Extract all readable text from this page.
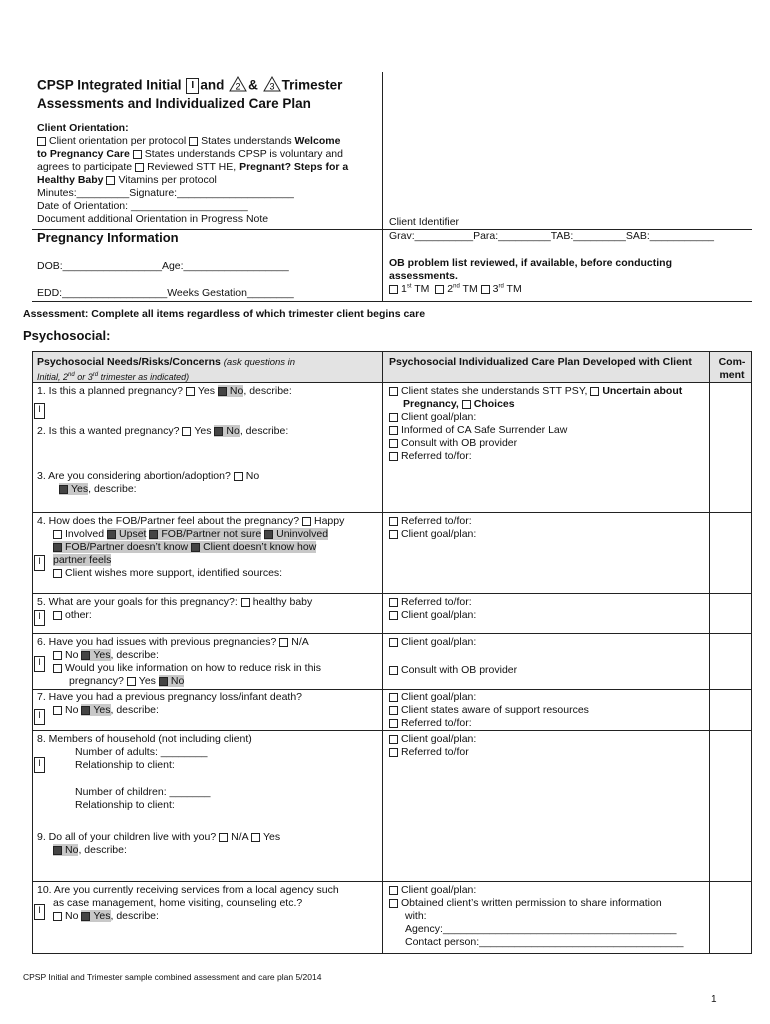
CPSP Integrated Initial I and 2 & 3 Trimester
Assessments and Individualized Care Plan
Client Orientation:
Client orientation per protocol States understands Welcome
to Pregnancy Care States understands CPSP is voluntary and
agrees to participate Reviewed STT HE, Pregnant? Steps for a
Healthy Baby Vitamins per protocol
Minutes:_________Signature:____________________
Date of Orientation: ____________________
Document additional Orientation in Progress Note	Client Identifier
Grav:__________Para:_________TAB:_________SAB:___________
Pregnancy Information
DOB:_________________Age:__________________
EDD:__________________Weeks Gestation________
OB problem list reviewed, if available, before conducting
assessments.
1st TM 2nd TM 3rd TM
Assessment: Complete all items regardless of which trimester client begins care
Psychosocial:
Psychosocial Needs/Risks/Concerns (ask questions in
Initial, 2nd or 3rd trimester as indicated)
Psychosocial Individualized Care Plan Developed with Client	Com-ment
1. Is this a planned pregnancy? Yes No, describe:
I
2. Is this a wanted pregnancy? Yes No, describe:
3. Are you considering abortion/adoption? No
Yes, describe:
Client states she understands STT PSY, Uncertain about
Pregnancy, Choices
Client goal/plan:
Informed of CA Safe Surrender Law
Consult with OB provider
Referred to/for:
4. How does the FOB/Partner feel about the pregnancy? Happy
Involved Upset FOB/Partner not sure Uninvolved
FOB/Partner doesn’t know Client doesn’t know how
partner feels
Client wishes more support, identified sources:
I
Referred to/for:
Client goal/plan:
5. What are your goals for this pregnancy?: healthy baby
other:
I
Referred to/for:
Client goal/plan:
6. Have you had issues with previous pregnancies? N/A
No Yes, describe:
Would you like information on how to reduce risk in this
pregnancy? Yes No
I
Client goal/plan:
Consult with OB provider
7. Have you had a previous pregnancy loss/infant death?
No Yes, describe:
I
Client goal/plan:
Client states aware of support resources
Referred to/for:
8. Members of household (not including client)
Number of adults: ________
Relationship to client:
Number of children: _______
Relationship to client:
I
9. Do all of your children live with you? N/A Yes
No, describe:
Client goal/plan:
Referred to/for
10. Are you currently receiving services from a local agency such
as case management, home visiting, counseling etc.?
No Yes, describe:
I
Client goal/plan:
Obtained client’s written permission to share information
with:
Agency:________________________________________
Contact person:___________________________________
CPSP Initial and Trimester sample combined assessment and care plan 5/2014
1
